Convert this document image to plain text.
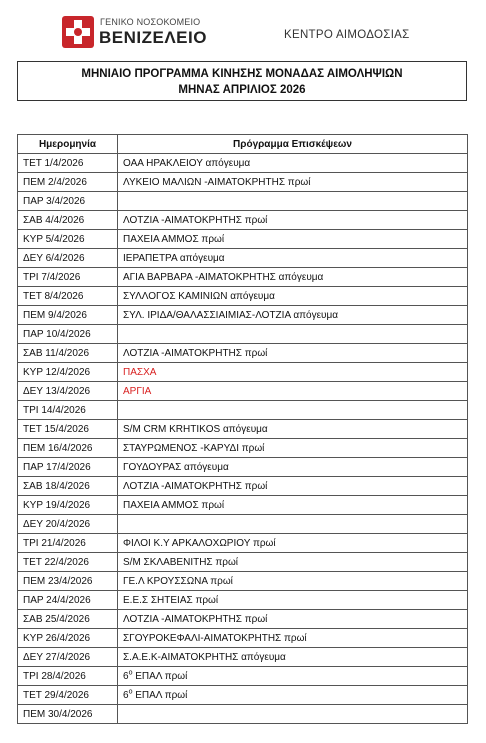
ΓΕΝΙΚΟ ΝΟΣΟΚΟΜΕΙΟ
ΒΕΝΙΖΕΛΕΙΟ	ΚΕΝΤΡΟ ΑΙΜΟΔΟΣΙΑΣ
ΜΗΝΙΑΙΟ ΠΡΟΓΡΑΜΜΑ ΚΙΝΗΣΗΣ ΜΟΝΑΔΑΣ ΑΙΜΟΛΗΨΙΩΝ
ΜΗΝΑΣ ΑΠΡΙΛΙΟΣ 2026
Ημερομηνία	Πρόγραμμα Επισκέψεων
ΤΕΤ 1/4/2026	ΟΑΑ ΗΡΑΚΛΕΙΟΥ απόγευμα
ΠΕΜ 2/4/2026	ΛΥΚΕΙΟ ΜΑΛΙΩΝ -ΑΙΜΑΤΟΚΡΗΤΗΣ πρωί
ΠΑΡ 3/4/2026	
ΣΑΒ 4/4/2026	ΛΟΤΖΙΑ -ΑΙΜΑΤΟΚΡΗΤΗΣ πρωί
ΚΥΡ 5/4/2026	ΠΑΧΕΙΑ ΑΜΜΟΣ πρωί
ΔΕΥ 6/4/2026	ΙΕΡΑΠΕΤΡΑ απόγευμα
ΤΡΙ 7/4/2026	ΑΓΙΑ ΒΑΡΒΑΡΑ -ΑΙΜΑΤΟΚΡΗΤΗΣ απόγευμα
ΤΕΤ 8/4/2026	ΣΥΛΛΟΓΟΣ ΚΑΜΙΝΙΩΝ απόγευμα
ΠΕΜ 9/4/2026	ΣΥΛ. ΙΡΙΔΑ/ΘΑΛΑΣΣΙΑΙΜΙΑΣ-ΛΟΤΖΙΑ απόγευμα
ΠΑΡ 10/4/2026	
ΣΑΒ 11/4/2026	ΛΟΤΖΙΑ -ΑΙΜΑΤΟΚΡΗΤΗΣ πρωί
ΚΥΡ 12/4/2026	ΠΑΣΧΑ
ΔΕΥ 13/4/2026	ΑΡΓΙΑ
ΤΡΙ 14/4/2026	
ΤΕΤ 15/4/2026	S/M CRM KRHTIKOS απόγευμα
ΠΕΜ 16/4/2026	ΣΤΑΥΡΩΜΕΝΟΣ -ΚΑΡΥΔΙ πρωί
ΠΑΡ 17/4/2026	ΓΟΥΔΟΥΡΑΣ απόγευμα
ΣΑΒ 18/4/2026	ΛΟΤΖΙΑ -ΑΙΜΑΤΟΚΡΗΤΗΣ πρωί
ΚΥΡ 19/4/2026	ΠΑΧΕΙΑ ΑΜΜΟΣ πρωί
ΔΕΥ 20/4/2026	
ΤΡΙ 21/4/2026	ΦΙΛΟΙ Κ.Υ ΑΡΚΑΛΟΧΩΡΙΟΥ πρωί
ΤΕΤ 22/4/2026	S/M ΣΚΛΑΒΕΝΙΤΗΣ πρωί
ΠΕΜ 23/4/2026	ΓΕ.Λ ΚΡΟΥΣΣΩΝΑ πρωί
ΠΑΡ 24/4/2026	Ε.Ε.Σ ΣΗΤΕΙΑΣ πρωί
ΣΑΒ 25/4/2026	ΛΟΤΖΙΑ -ΑΙΜΑΤΟΚΡΗΤΗΣ πρωί
ΚΥΡ 26/4/2026	ΣΓΟΥΡΟΚΕΦΑΛΙ-ΑΙΜΑΤΟΚΡΗΤΗΣ πρωί
ΔΕΥ 27/4/2026	Σ.Α.Ε.Κ-ΑΙΜΑΤΟΚΡΗΤΗΣ απόγευμα
ΤΡΙ 28/4/2026	$6^o$ ΕΠΑΛ πρωί
ΤΕΤ 29/4/2026	$6^o$ ΕΠΑΛ πρωί
ΠΕΜ 30/4/2026	
